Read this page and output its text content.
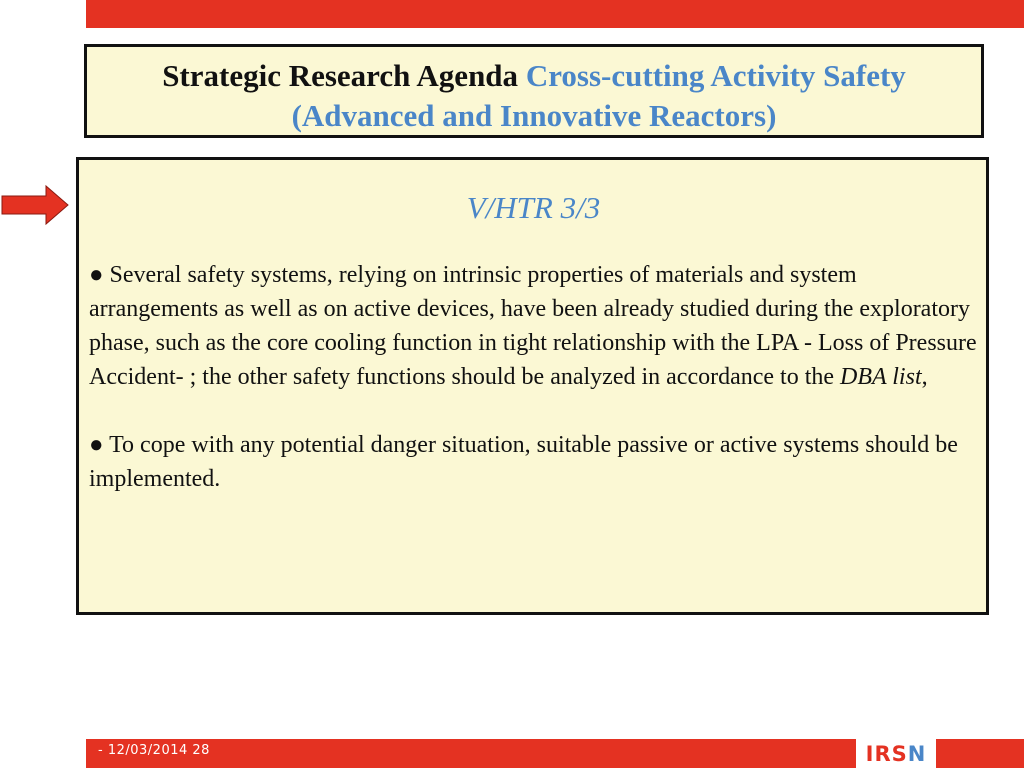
Strategic Research Agenda Cross-cutting Activity Safety (Advanced and Innovative Reactors)
V/HTR 3/3

● Several safety systems, relying on intrinsic properties of materials and system arrangements as well as on active devices, have been already studied during the exploratory phase, such as the core cooling function in tight relationship with the LPA - Loss of Pressure Accident- ; the other safety functions should be analyzed in accordance to the DBA list,

● To cope with any potential danger situation, suitable passive or active systems should be implemented.

- 12/03/2014 28	IRSN
